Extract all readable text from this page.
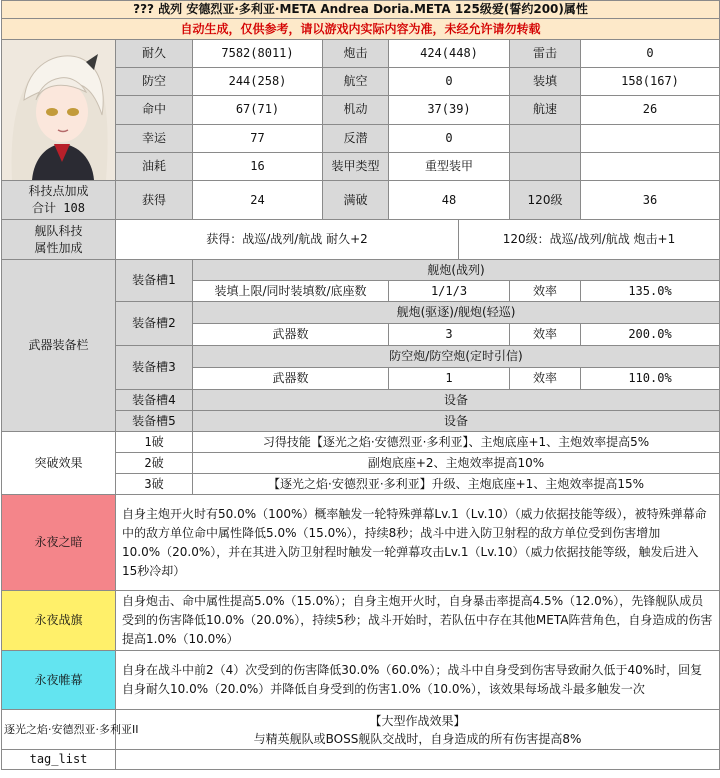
??? 战列 安德烈亚·多利亚·META Andrea Doria.META 125级爱(誓约200)属性							
自动生成，仅供参考，请以游戏内实际内容为准，未经允许请勿转载							

	耐久	7582(8011)	炮击	424(448)		雷击	0
	防空	244(258)	航空	0		装填	158(167)
	命中	67(71)	机动	37(39)		航速	26
	幸运	77	反潜	0			
	油耗	16	装甲类型	重型装甲			

科技点加成
合计 108	获得	24	满破	48		120级	36

舰队科技
属性加成	获得：战巡/战列/航战 耐久+2				120级：战巡/战列/航战 炮击+1		
武器装备栏	装备槽1	舰炮(战列)					
		装填上限/同时装填数/底座数		1/1/3		效率	135.0%
	装备槽2	舰炮(驱逐)/舰炮(轻巡)					
		武器数		3		效率	200.0%
	装备槽3	防空炮/防空炮(定时引信)					
		武器数		1		效率	110.0%
	装备槽4	设备					
	装备槽5	设备					
突破效果	1破	习得技能【逐光之焰·安德烈亚·多利亚】、主炮底座+1、主炮效率提高5%					
	2破	副炮底座+2、主炮效率提高10%					
	3破	【逐光之焰·安德烈亚·多利亚】升级、主炮底座+1、主炮效率提高15%					
永夜之暗	自身主炮开火时有50.0%（100%）概率触发一轮特殊弹幕Lv.1（Lv.10）（威力依据技能等级），被特殊弹幕命中的敌方单位命中属性降低5.0%（15.0%），持续8秒；战斗中进入防卫射程的敌方单位受到伤害增加10.0%（20.0%），并在其进入防卫射程时触发一轮弹幕攻击Lv.1（Lv.10）（威力依据技能等级，触发后进入15秒冷却）						
永夜战旗	自身炮击、命中属性提高5.0%（15.0%）；自身主炮开火时，自身暴击率提高4.5%（12.0%），先锋舰队成员受到的伤害降低10.0%（20.0%），持续5秒；战斗开始时，若队伍中存在其他META阵营角色，自身造成的伤害提高1.0%（10.0%）						
永夜帷幕	自身在战斗中前2（4）次受到的伤害降低30.0%（60.0%）；战斗中自身受到伤害导致耐久低于40%时，回复自身耐久10.0%（20.0%）并降低自身受到的伤害1.0%（10.0%），该效果每场战斗最多触发一次						
逐光之焰·安德烈亚·多利亚II	【大型作战效果】
与精英舰队或BOSS舰队交战时，自身造成的所有伤害提高8%						

tag_list							
